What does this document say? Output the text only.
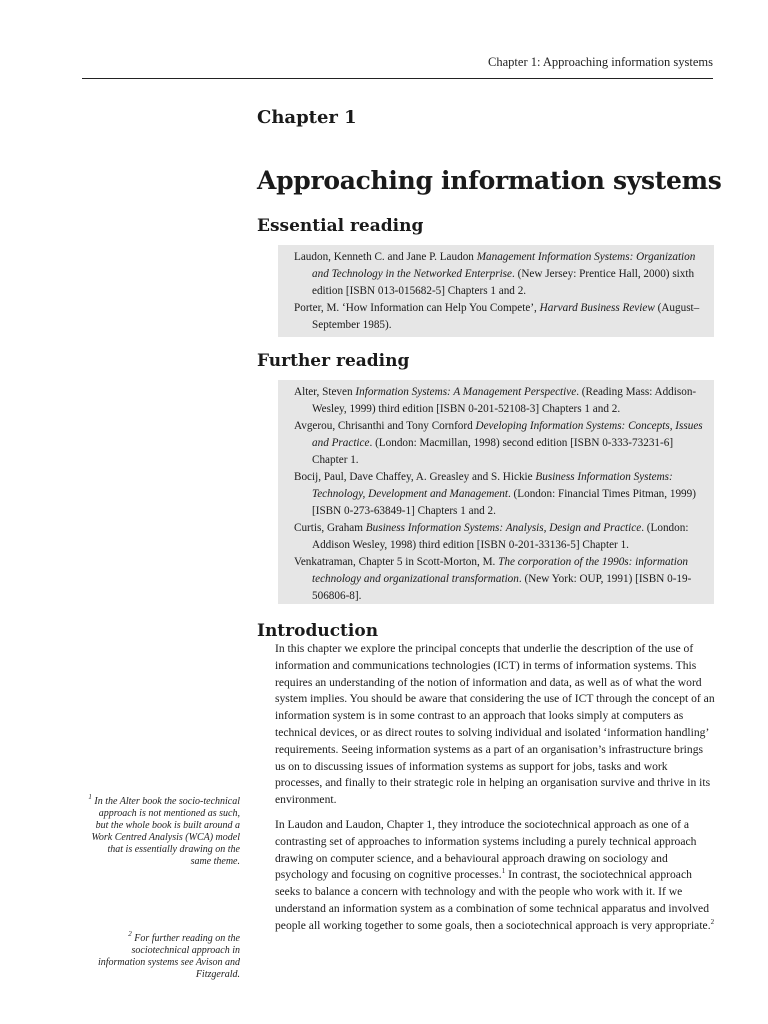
Chapter 1: Approaching information systems
Chapter 1
Approaching information systems
Essential reading

Laudon, Kenneth C. and Jane P. Laudon Management Information Systems: Organization and Technology in the Networked Enterprise. (New Jersey: Prentice Hall, 2000) sixth edition [ISBN 013-015682-5] Chapters 1 and 2.

Porter, M. ‘How Information can Help You Compete’, Harvard Business Review (August–September 1985).

Further reading

Alter, Steven Information Systems: A Management Perspective. (Reading Mass: Addison-Wesley, 1999) third edition [ISBN 0-201-52108-3] Chapters 1 and 2.

Avgerou, Chrisanthi and Tony Cornford Developing Information Systems: Concepts, Issues and Practice. (London: Macmillan, 1998) second edition [ISBN 0-333-73231-6] Chapter 1.

Bocij, Paul, Dave Chaffey, A. Greasley and S. Hickie Business Information Systems: Technology, Development and Management. (London: Financial Times Pitman, 1999) [ISBN 0-273-63849-1] Chapters 1 and 2.

Curtis, Graham Business Information Systems: Analysis, Design and Practice. (London: Addison Wesley, 1998) third edition [ISBN 0-201-33136-5] Chapter 1.

Venkatraman, Chapter 5 in Scott-Morton, M. The corporation of the 1990s: information technology and organizational transformation. (New York: OUP, 1991) [ISBN 0-19-506806-8].

Introduction

In this chapter we explore the principal concepts that underlie the description of the use of information and communications technologies (ICT) in terms of information systems. This requires an understanding of the notion of information and data, as well as of what the word system implies. You should be aware that considering the use of ICT through the concept of an information system is in some contrast to an approach that looks simply at computers as technical devices, or as direct routes to solving individual and isolated ‘information handling’ requirements. Seeing information systems as a part of an organisation’s infrastructure brings us on to discussing issues of information systems as support for jobs, tasks and work processes, and finally to their strategic role in helping an organisation survive and thrive in its environment.

In Laudon and Laudon, Chapter 1, they introduce the sociotechnical approach as one of a contrasting set of approaches to information systems including a purely technical approach drawing on computer science, and a behavioural approach drawing on sociology and psychology and focusing on cognitive processes.$^1$ In contrast, the sociotechnical approach seeks to balance a concern with technology and with the people who work with it. If we understand an information system as a combination of some technical apparatus and involved people all working together to some goals, then a sociotechnical approach is very appropriate.$^2$

$^1$ In the Alter book the socio-technical approach is not mentioned as such, but the whole book is built around a Work Centred Analysis (WCA) model that is essentially drawing on the same theme.
$^2$ For further reading on the sociotechnical approach in information systems see Avison and Fitzgerald.
